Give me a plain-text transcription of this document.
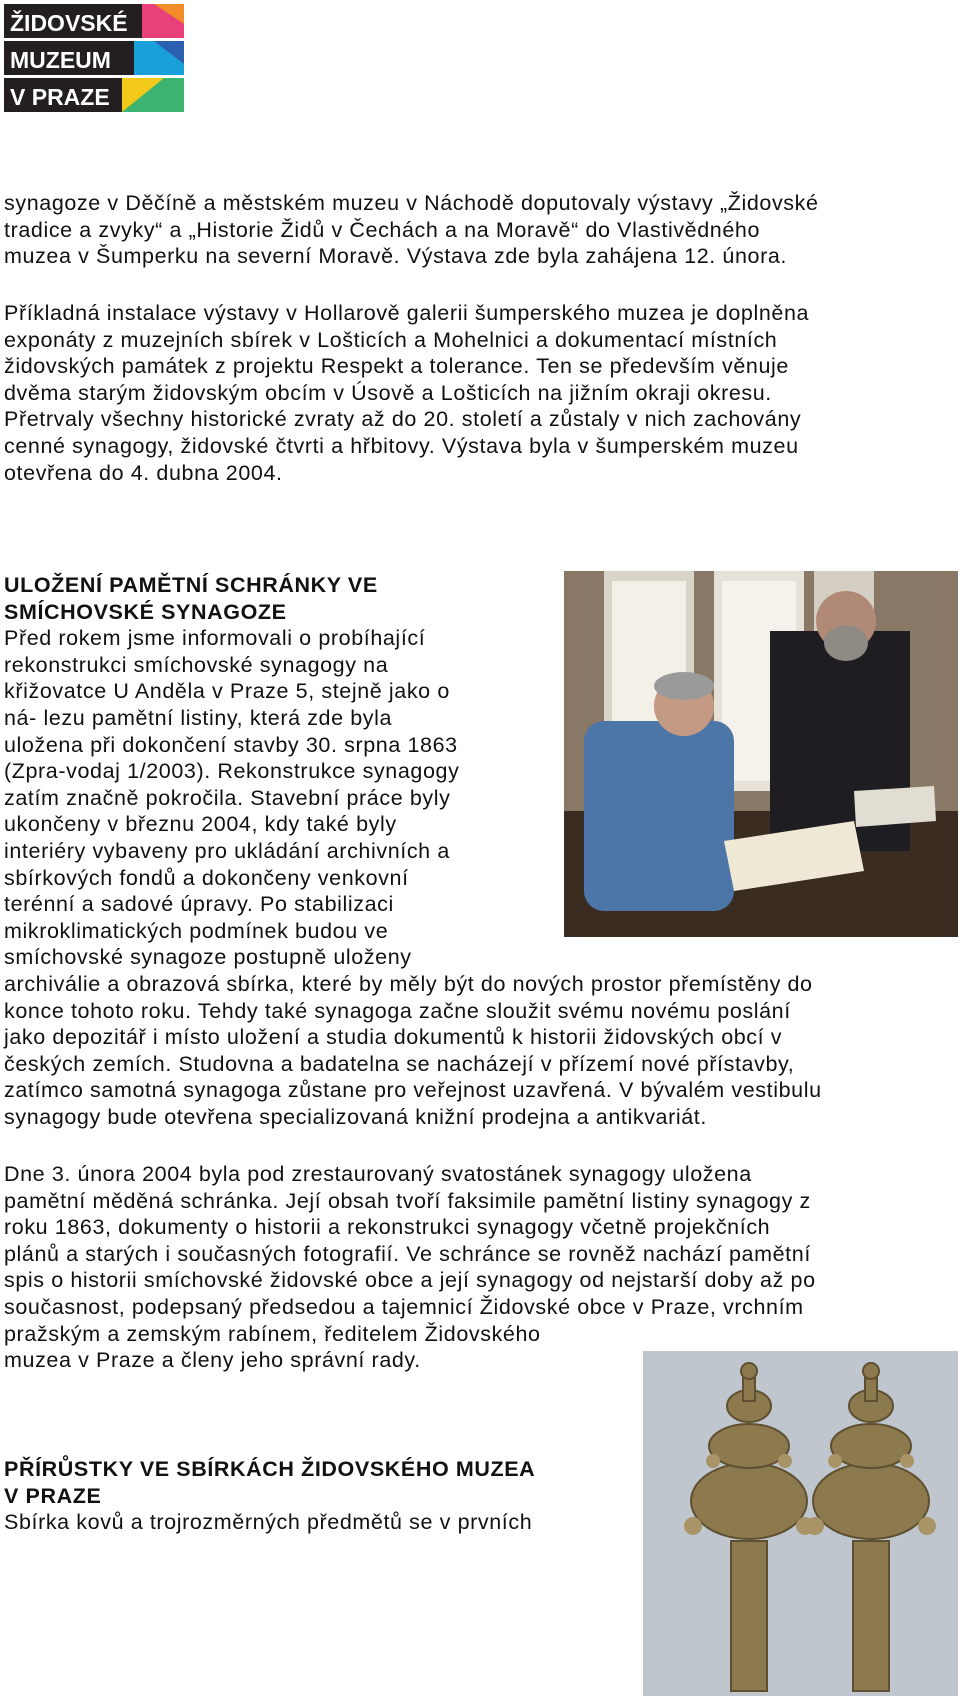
ŽIDOVSKÉ
MUZEUM
V PRAZE
synagoze v Děčíně a městském muzeu v Náchodě doputovaly výstavy „Židovské
tradice a zvyky“ a „Historie Židů v Čechách a na Moravě“ do Vlastivědného
muzea v Šumperku na severní Moravě. Výstava zde byla zahájena 12. února.
Příkladná instalace výstavy v Hollarově galerii šumperského muzea je doplněna
exponáty z muzejních sbírek v Lošticích a Mohelnici a dokumentací místních
židovských památek z projektu Respekt a tolerance. Ten se především věnuje
dvěma starým židovským obcím v Úsově a Lošticích na jižním okraji okresu.
Přetrvaly všechny historické zvraty až do 20. století a zůstaly v nich zachovány
cenné synagogy, židovské čtvrti a hřbitovy. Výstava byla v šumperském muzeu
otevřena do 4. dubna 2004.
ULOŽENÍ PAMĚTNÍ SCHRÁNKY VE
SMÍCHOVSKÉ SYNAGOZE
Před rokem jsme informovali o probíhající
rekonstrukci smíchovské synagogy na
křižovatce U Anděla v Praze 5, stejně jako o
ná- lezu pamětní listiny, která zde byla
uložena při dokončení stavby 30. srpna 1863
(Zpra-vodaj 1/2003). Rekonstrukce synagogy
zatím značně pokročila. Stavební práce byly
ukončeny v březnu 2004, kdy také byly
interiéry vybaveny pro ukládání archivních a
sbírkových fondů a dokončeny venkovní
terénní a sadové úpravy. Po stabilizaci
mikroklimatických podmínek budou ve
smíchovské synagoze postupně uloženy
archiválie a obrazová sbírka, které by měly být do nových prostor přemístěny do
konce tohoto roku. Tehdy také synagoga začne sloužit svému novému poslání
jako depozitář i místo uložení a studia dokumentů k historii židovských obcí v
českých zemích. Studovna a badatelna se nacházejí v přízemí nové přístavby,
zatímco samotná synagoga zůstane pro veřejnost uzavřená. V bývalém vestibulu
synagogy bude otevřena specializovaná knižní prodejna a antikvariát.
Dne 3. února 2004 byla pod zrestaurovaný svatostánek synagogy uložena
pamětní měděná schránka. Její obsah tvoří faksimile pamětní listiny synagogy z
roku 1863, dokumenty o historii a rekonstrukci synagogy včetně projekčních
plánů a starých i současných fotografií. Ve schránce se rovněž nachází pamětní
spis o historii smíchovské židovské obce a její synagogy od nejstarší doby až po
současnost, podepsaný předsedou a tajemnicí Židovské obce v Praze, vrchním
pražským a zemským rabínem, ředitelem Židovského
muzea v Praze a členy jeho správní rady.
PŘÍRŮSTKY VE SBÍRKÁCH ŽIDOVSKÉHO MUZEA
V PRAZE
Sbírka kovů a trojrozměrných předmětů se v prvních
